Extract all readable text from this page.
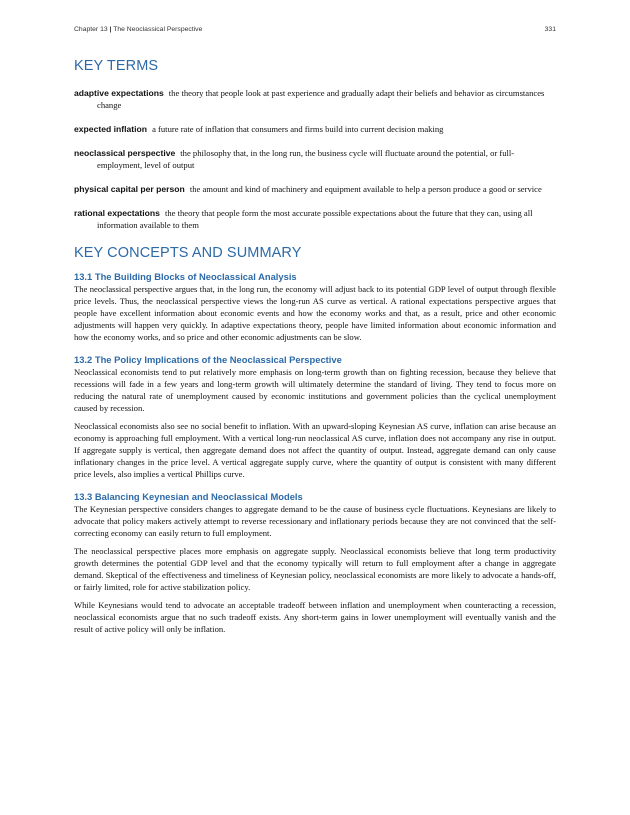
Chapter 13 | The Neoclassical Perspective	331
KEY TERMS

adaptive expectations the theory that people look at past experience and gradually adapt their beliefs and behavior as circumstances change

expected inflation a future rate of inflation that consumers and firms build into current decision making

neoclassical perspective the philosophy that, in the long run, the business cycle will fluctuate around the potential, or full-employment, level of output

physical capital per person the amount and kind of machinery and equipment available to help a person produce a good or service

rational expectations the theory that people form the most accurate possible expectations about the future that they can, using all information available to them

KEY CONCEPTS AND SUMMARY
13.1 The Building Blocks of Neoclassical Analysis

The neoclassical perspective argues that, in the long run, the economy will adjust back to its potential GDP level of output through flexible price levels. Thus, the neoclassical perspective views the long-run AS curve as vertical. A rational expectations perspective argues that people have excellent information about economic events and how the economy works and that, as a result, price and other economic adjustments will happen very quickly. In adaptive expectations theory, people have limited information about economic information and how the economy works, and so price and other economic adjustments can be slow.

13.2 The Policy Implications of the Neoclassical Perspective

Neoclassical economists tend to put relatively more emphasis on long-term growth than on fighting recession, because they believe that recessions will fade in a few years and long-term growth will ultimately determine the standard of living. They tend to focus more on reducing the natural rate of unemployment caused by economic institutions and government policies than the cyclical unemployment caused by recession.

Neoclassical economists also see no social benefit to inflation. With an upward-sloping Keynesian AS curve, inflation can arise because an economy is approaching full employment. With a vertical long-run neoclassical AS curve, inflation does not accompany any rise in output. If aggregate supply is vertical, then aggregate demand does not affect the quantity of output. Instead, aggregate demand can only cause inflationary changes in the price level. A vertical aggregate supply curve, where the quantity of output is consistent with many different price levels, also implies a vertical Phillips curve.

13.3 Balancing Keynesian and Neoclassical Models

The Keynesian perspective considers changes to aggregate demand to be the cause of business cycle fluctuations. Keynesians are likely to advocate that policy makers actively attempt to reverse recessionary and inflationary periods because they are not convinced that the self-correcting economy can easily return to full employment.

The neoclassical perspective places more emphasis on aggregate supply. Neoclassical economists believe that long term productivity growth determines the potential GDP level and that the economy typically will return to full employment after a change in aggregate demand. Skeptical of the effectiveness and timeliness of Keynesian policy, neoclassical economists are more likely to advocate a hands-off, or fairly limited, role for active stabilization policy.

While Keynesians would tend to advocate an acceptable tradeoff between inflation and unemployment when counteracting a recession, neoclassical economists argue that no such tradeoff exists. Any short-term gains in lower unemployment will eventually vanish and the result of active policy will only be inflation.
